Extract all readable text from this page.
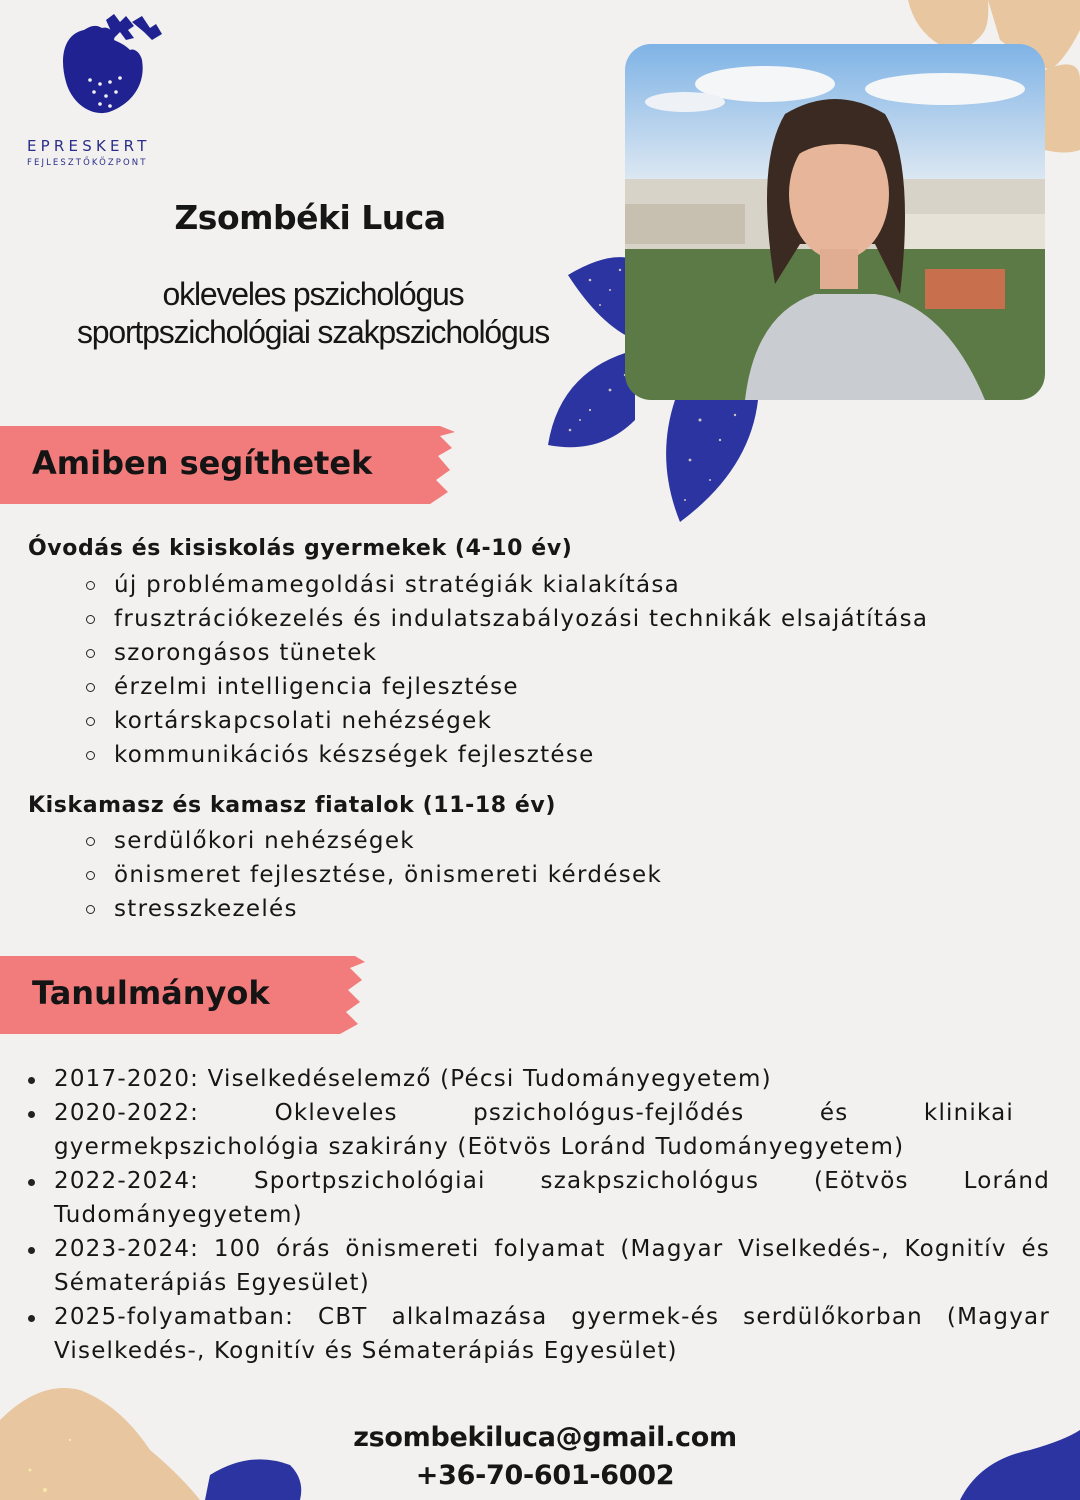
EPRESKERT
FEJLESZTŐKÖZPONT
Zsombéki Luca
okleveles pszichológus
sportpszichológiai szakpszichológus
Amiben segíthetek
Óvodás és kisiskolás gyermekek (4-10 év)
új problémamegoldási stratégiák kialakítása
frusztrációkezelés és indulatszabályozási technikák elsajátítása
szorongásos tünetek
érzelmi intelligencia fejlesztése
kortárskapcsolati nehézségek
kommunikációs készségek fejlesztése
Kiskamasz és kamasz fiatalok (11-18 év)
serdülőkori nehézségek
önismeret fejlesztése, önismereti kérdések
stresszkezelés
Tanulmányok
2017-2020: Viselkedéselemző (Pécsi Tudományegyetem)
2020-2022: Okleveles pszichológus-fejlődés és klinikai gyermekpszichológia szakirány (Eötvös Loránd Tudományegyetem)
2022-2024: Sportpszichológiai szakpszichológus (Eötvös Loránd Tudományegyetem)
2023-2024: 100 órás önismereti folyamat (Magyar Viselkedés-, Kognitív és Sématerápiás Egyesület)
2025-folyamatban: CBT alkalmazása gyermek-és serdülőkorban (Magyar Viselkedés-, Kognitív és Sématerápiás Egyesület)
zsombekiluca@gmail.com
+36-70-601-6002
